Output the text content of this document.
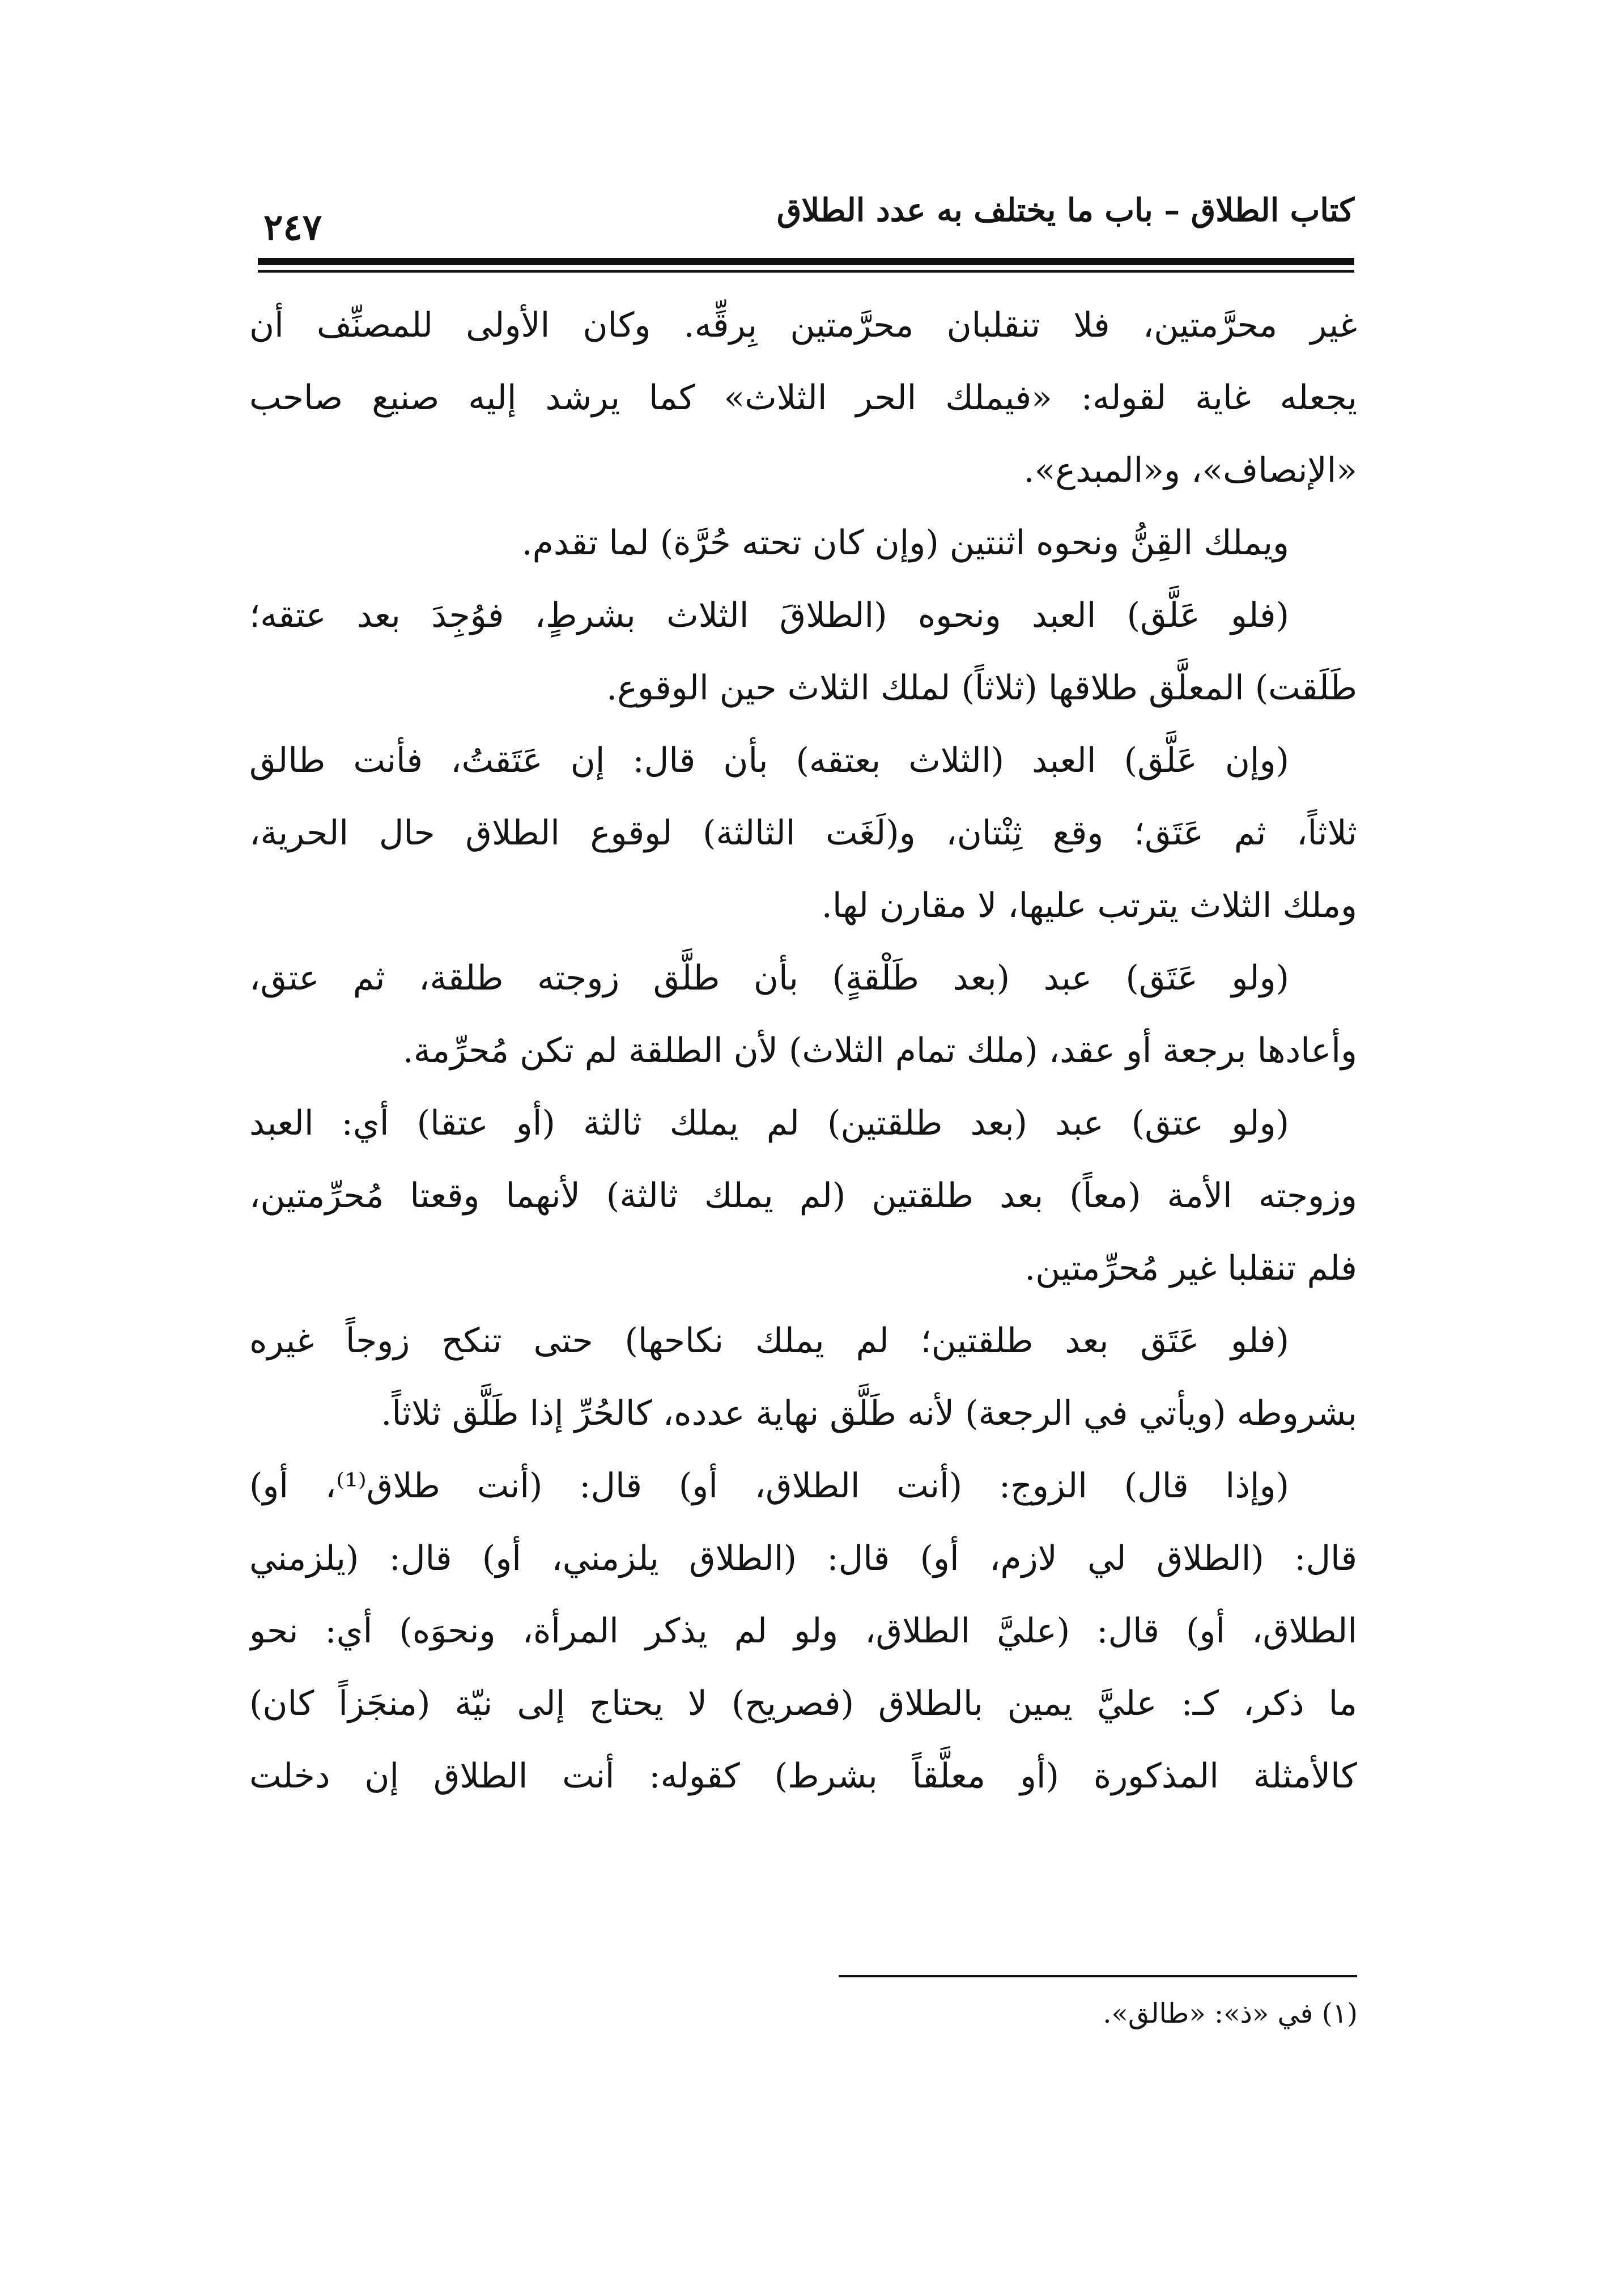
كتاب الطلاق – باب ما يختلف به عدد الطلاق
٢٤٧
غير محرَّمتين، فلا تنقلبان محرَّمتين بِرقِّه. وكان الأولى للمصنِّف أن
يجعله غاية لقوله: «فيملك الحر الثلاث» كما يرشد إليه صنيع صاحب
«الإنصاف»، و«المبدع».
ويملك القِنُّ ونحوه اثنتين (وإن كان تحته حُرَّة) لما تقدم.
(فلو عَلَّق) العبد ونحوه (الطلاقَ الثلاث بشرطٍ، فوُجِدَ بعد عتقه؛
طَلَقت) المعلَّق طلاقها (ثلاثاً) لملك الثلاث حين الوقوع.
(وإن عَلَّق) العبد (الثلاث بعتقه) بأن قال: إن عَتَقتُ، فأنت طالق
ثلاثاً، ثم عَتَق؛ وقع ثِنْتان، و(لَغَت الثالثة) لوقوع الطلاق حال الحرية،
وملك الثلاث يترتب عليها، لا مقارن لها.
(ولو عَتَق) عبد (بعد طَلْقةٍ) بأن طلَّق زوجته طلقة، ثم عتق،
وأعادها برجعة أو عقد، (ملك تمام الثلاث) لأن الطلقة لم تكن مُحرِّمة.
(ولو عتق) عبد (بعد طلقتين) لم يملك ثالثة (أو عتقا) أي: العبد
وزوجته الأمة (معاً) بعد طلقتين (لم يملك ثالثة) لأنهما وقعتا مُحرِّمتين،
فلم تنقلبا غير مُحرِّمتين.
(فلو عَتَق بعد طلقتين؛ لم يملك نكاحها) حتى تنكح زوجاً غيره
بشروطه (ويأتي في الرجعة) لأنه طَلَّق نهاية عدده، كالحُرِّ إذا طَلَّق ثلاثاً.
(وإذا قال) الزوج: (أنت الطلاق، أو) قال: (أنت طلاق⁽¹⁾، أو)
قال: (الطلاق لي لازم، أو) قال: (الطلاق يلزمني، أو) قال: (يلزمني
الطلاق، أو) قال: (عليَّ الطلاق، ولو لم يذكر المرأة، ونحوَه) أي: نحو
ما ذكر، كـ: عليَّ يمين بالطلاق (فصريح) لا يحتاج إلى نيّة (منجَزاً كان)
كالأمثلة المذكورة (أو معلَّقاً بشرط) كقوله: أنت الطلاق إن دخلت
(١) في «ذ»: «طالق».
